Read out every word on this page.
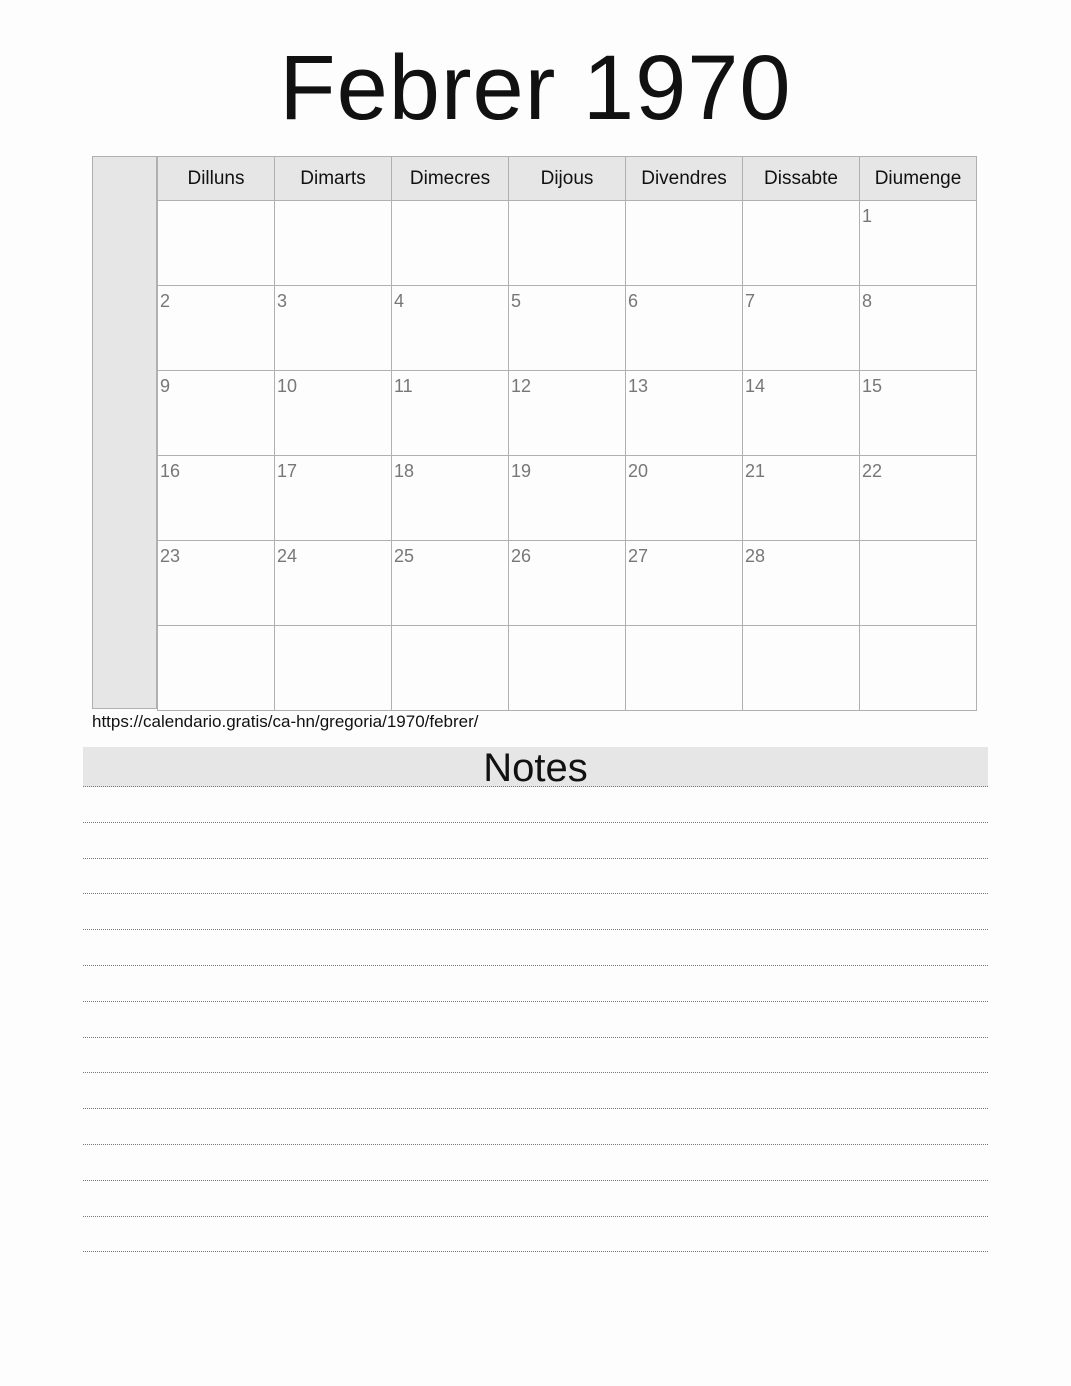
Febrer 1970
Dilluns	Dimarts	Dimecres	Dijous	Divendres	Dissabte	Diumenge

						1

2	3	4	5	6	7	8

9	10	11	12	13	14	15

16	17	18	19	20	21	22

23	24	25	26	27	28	

https://calendario.gratis/ca-hn/gregoria/1970/febrer/
Notes
